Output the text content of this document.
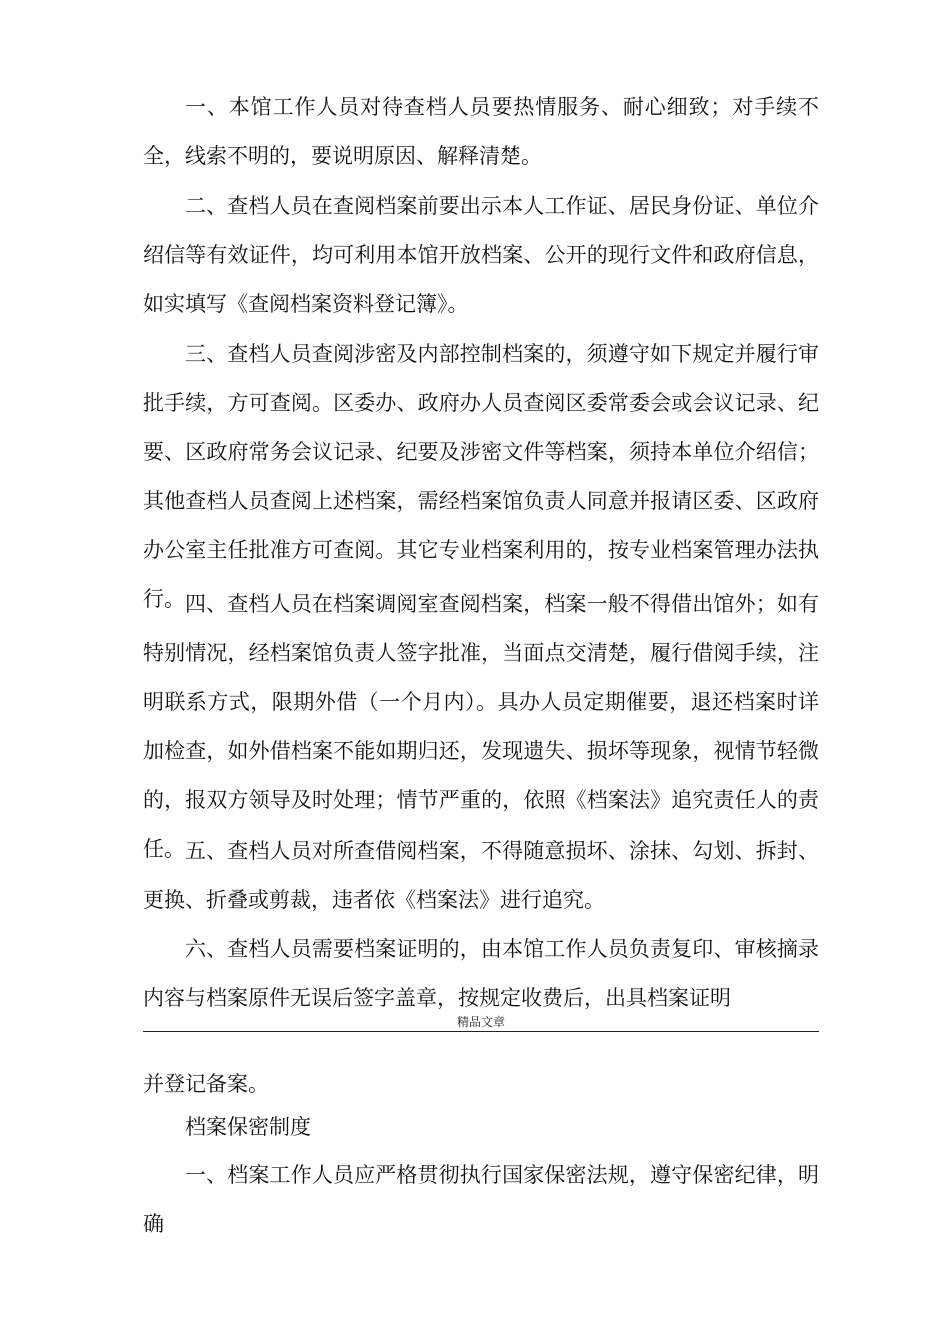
一、本馆工作人员对待查档人员要热情服务、耐心细致；对手续不全，线索不明的，要说明原因、解释清楚。

二、查档人员在查阅档案前要出示本人工作证、居民身份证、单位介绍信等有效证件，均可利用本馆开放档案、公开的现行文件和政府信息，如实填写《查阅档案资料登记簿》。

三、查档人员查阅涉密及内部控制档案的，须遵守如下规定并履行审批手续，方可查阅。区委办、政府办人员查阅区委常委会或会议记录、纪要、区政府常务会议记录、纪要及涉密文件等档案，须持本单位介绍信；其他查档人员查阅上述档案，需经档案馆负责人同意并报请区委、区政府办公室主任批准方可查阅。其它专业档案利用的，按专业档案管理办法执行。 四、查档人员在档案调阅室查阅档案，档案一般不得借出馆外；如有特别情况，经档案馆负责人签字批准，当面点交清楚，履行借阅手续，注明联系方式，限期外借（一个月内）。具办人员定期催要，退还档案时详加检查，如外借档案不能如期归还，发现遗失、损坏等现象，视情节轻微的，报双方领导及时处理；情节严重的，依照《档案法》追究责任人的责任。 五、查档人员对所查借阅档案，不得随意损坏、涂抹、勾划、拆封、更换、折叠或剪裁，违者依《档案法》进行追究。

六、查档人员需要档案证明的，由本馆工作人员负责复印、审核摘录内容与档案原件无误后签字盖章，按规定收费后，出具档案证明

精品文章

并登记备案。

档案保密制度

一、档案工作人员应严格贯彻执行国家保密法规，遵守保密纪律，明确
